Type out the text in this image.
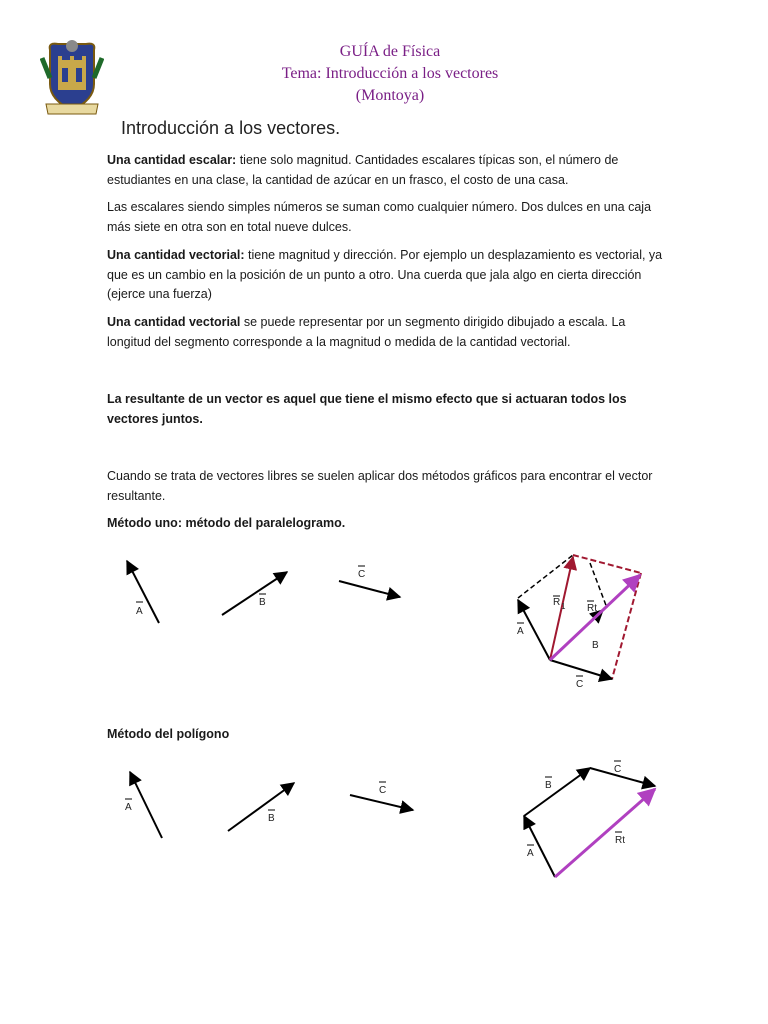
GUÍA de Física
Tema: Introducción a los vectores
(Montoya)
Introducción a los vectores.
Una cantidad escalar: tiene solo magnitud. Cantidades escalares típicas son, el número de estudiantes en una clase, la cantidad de azúcar en un frasco, el costo de una casa.
Las escalares siendo simples números se suman como cualquier número. Dos dulces en una caja más siete en otra son en total nueve dulces.
Una cantidad vectorial: tiene magnitud y dirección. Por ejemplo un desplazamiento es vectorial, ya que es un cambio en la posición de un punto a otro. Una cuerda que jala algo en cierta dirección (ejerce una fuerza)
Una cantidad vectorial se puede representar por un segmento dirigido dibujado a escala. La longitud del segmento corresponde a la magnitud o medida de la cantidad vectorial.
La resultante de un vector es aquel que tiene el mismo efecto que si actuaran todos los vectores juntos.
Cuando se trata de vectores libres se suelen aplicar dos métodos gráficos para encontrar el vector resultante.
Método uno: método del paralelogramo.
Método del polígono
A
B
C
A
B
C
R 1 Rt
A
B
C
A
B
C
Rt
